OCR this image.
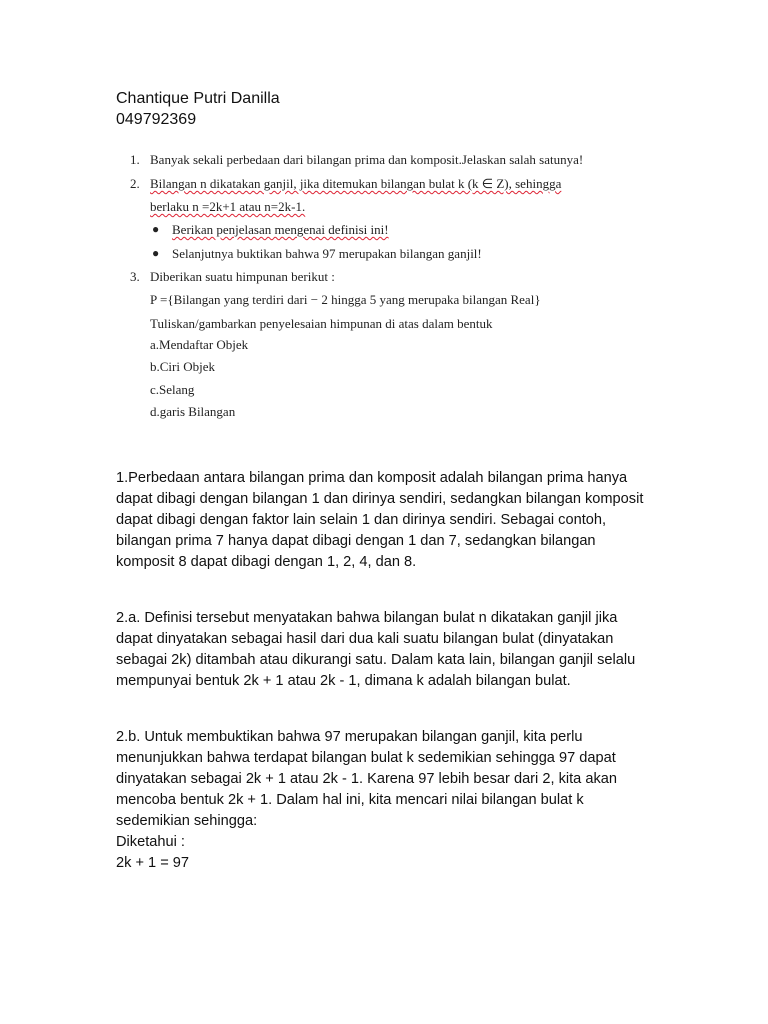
Chantique Putri Danilla
049792369
1. Banyak sekali perbedaan dari bilangan prima dan komposit.Jelaskan salah satunya!
2. Bilangan n dikatakan ganjil, jika ditemukan bilangan bulat k (k ∈ Z), sehingga
berlaku n =2k+1 atau n=2k-1.
● Berikan penjelasan mengenai definisi ini!
● Selanjutnya buktikan bahwa 97 merupakan bilangan ganjil!
3. Diberikan suatu himpunan berikut :
P ={Bilangan yang terdiri dari − 2 hingga 5 yang merupaka bilangan Real}
Tuliskan/gambarkan penyelesaian himpunan di atas dalam bentuk
a.Mendaftar Objek
b.Ciri Objek
c.Selang
d.garis Bilangan

1.Perbedaan antara bilangan prima dan komposit adalah bilangan prima hanya dapat dibagi dengan bilangan 1 dan dirinya sendiri, sedangkan bilangan komposit dapat dibagi dengan faktor lain selain 1 dan dirinya sendiri. Sebagai contoh, bilangan prima 7 hanya dapat dibagi dengan 1 dan 7, sedangkan bilangan komposit 8 dapat dibagi dengan 1, 2, 4, dan 8.

2.a. Definisi tersebut menyatakan bahwa bilangan bulat n dikatakan ganjil jika dapat dinyatakan sebagai hasil dari dua kali suatu bilangan bulat (dinyatakan sebagai 2k) ditambah atau dikurangi satu. Dalam kata lain, bilangan ganjil selalu mempunyai bentuk 2k + 1 atau 2k - 1, dimana k adalah bilangan bulat.

2.b. Untuk membuktikan bahwa 97 merupakan bilangan ganjil, kita perlu menunjukkan bahwa terdapat bilangan bulat k sedemikian sehingga 97 dapat dinyatakan sebagai 2k + 1 atau 2k - 1. Karena 97 lebih besar dari 2, kita akan mencoba bentuk 2k + 1. Dalam hal ini, kita mencari nilai bilangan bulat k sedemikian sehingga:

Diketahui :

2k + 1 = 97
